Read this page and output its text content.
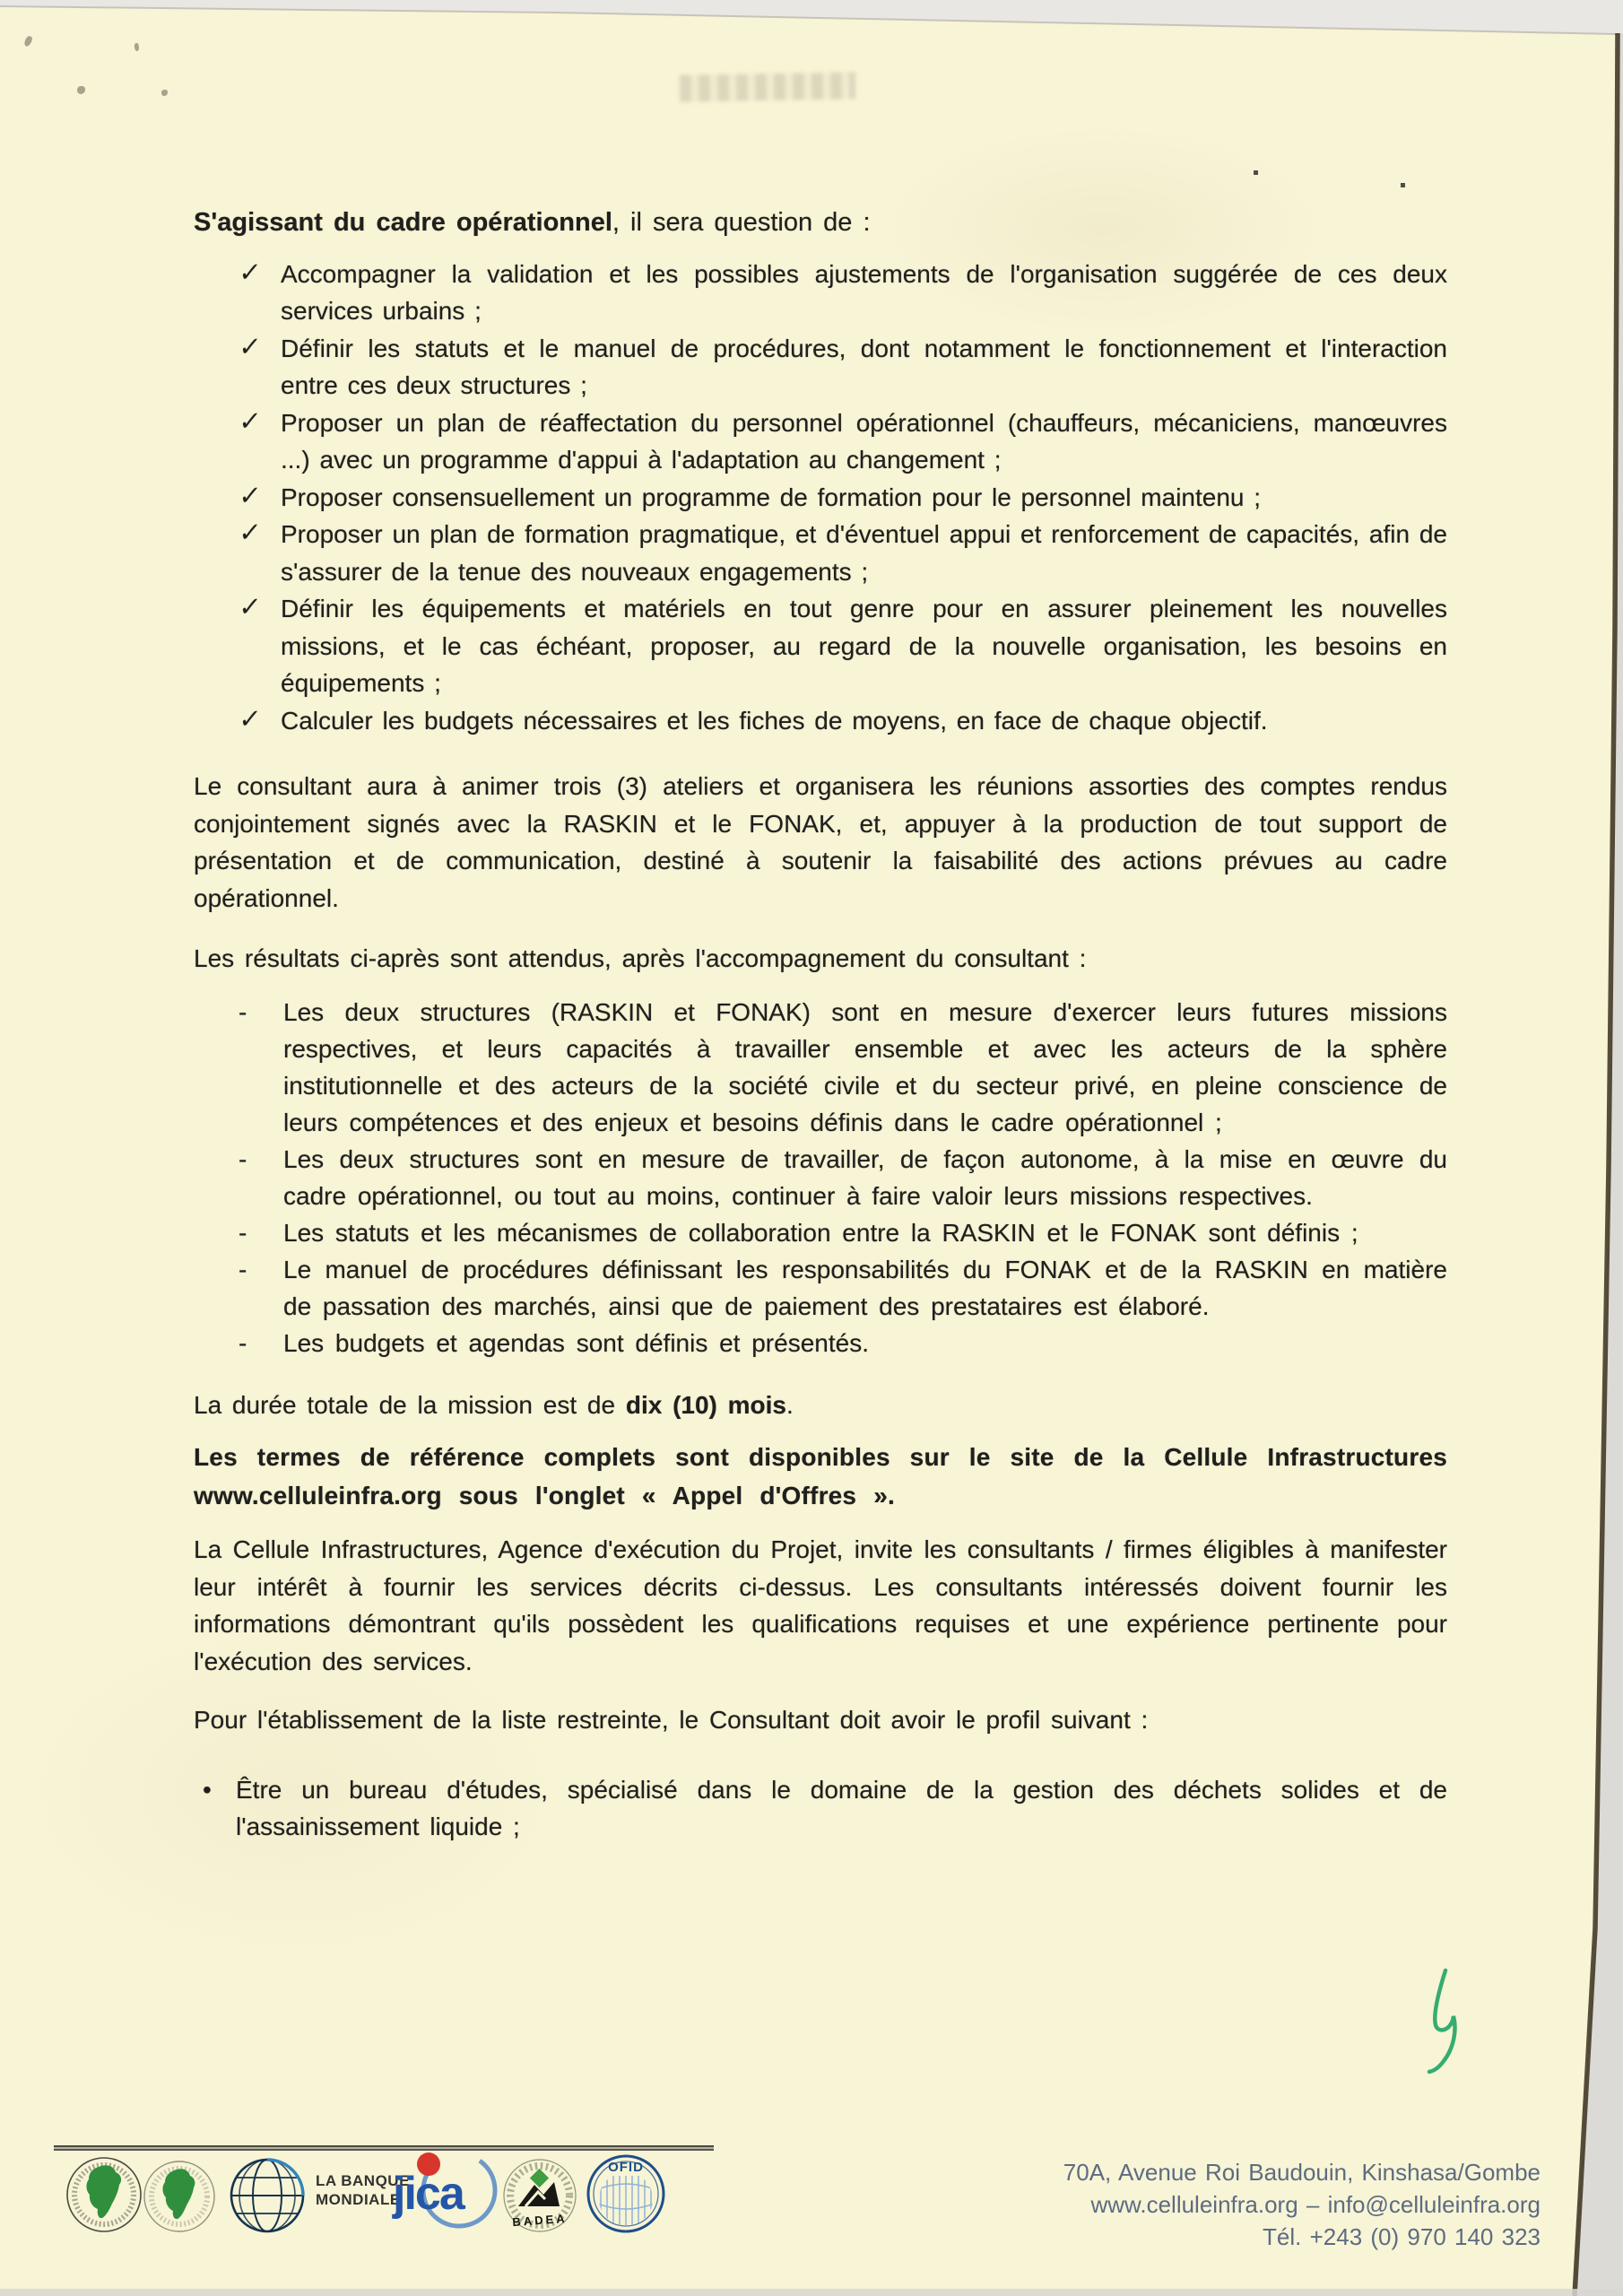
S'agissant du cadre opérationnel, il sera question de :

✓ Accompagner la validation et les possibles ajustements de l'organisation suggérée de ces deux services urbains ;
✓ Définir les statuts et le manuel de procédures, dont notamment le fonctionnement et l'interaction entre ces deux structures ;
✓ Proposer un plan de réaffectation du personnel opérationnel (chauffeurs, mécaniciens, manœuvres ...) avec un programme d'appui à l'adaptation au changement ;
✓ Proposer consensuellement un programme de formation pour le personnel maintenu ;
✓ Proposer un plan de formation pragmatique, et d'éventuel appui et renforcement de capacités, afin de s'assurer de la tenue des nouveaux engagements ;
✓ Définir les équipements et matériels en tout genre pour en assurer pleinement les nouvelles missions, et le cas échéant, proposer, au regard de la nouvelle organisation, les besoins en équipements ;
✓ Calculer les budgets nécessaires et les fiches de moyens, en face de chaque objectif.

Le consultant aura à animer trois (3) ateliers et organisera les réunions assorties des comptes rendus conjointement signés avec la RASKIN et le FONAK, et, appuyer à la production de tout support de présentation et de communication, destiné à soutenir la faisabilité des actions prévues au cadre opérationnel.

Les résultats ci-après sont attendus, après l'accompagnement du consultant :

- Les deux structures (RASKIN et FONAK) sont en mesure d'exercer leurs futures missions respectives, et leurs capacités à travailler ensemble et avec les acteurs de la sphère institutionnelle et des acteurs de la société civile et du secteur privé, en pleine conscience de leurs compétences et des enjeux et besoins définis dans le cadre opérationnel ;
- Les deux structures sont en mesure de travailler, de façon autonome, à la mise en œuvre du cadre opérationnel, ou tout au moins, continuer à faire valoir leurs missions respectives.
- Les statuts et les mécanismes de collaboration entre la RASKIN et le FONAK sont définis ;
- Le manuel de procédures définissant les responsabilités du FONAK et de la RASKIN en matière de passation des marchés, ainsi que de paiement des prestataires est élaboré.
- Les budgets et agendas sont définis et présentés.

La durée totale de la mission est de dix (10) mois.

Les termes de référence complets sont disponibles sur le site de la Cellule Infrastructures www.celluleinfra.org sous l'onglet « Appel d'Offres ».

La Cellule Infrastructures, Agence d'exécution du Projet, invite les consultants / firmes éligibles à manifester leur intérêt à fournir les services décrits ci-dessus. Les consultants intéressés doivent fournir les informations démontrant qu'ils possèdent les qualifications requises et une expérience pertinente pour l'exécution des services.

Pour l'établissement de la liste restreinte, le Consultant doit avoir le profil suivant :

• Être un bureau d'études, spécialisé dans le domaine de la gestion des déchets solides et de l'assainissement liquide ;
LA BANQUE
MONDIALE
jica
BADEA
OFID	70A, Avenue Roi Baudouin, Kinshasa/Gombe
www.celluleinfra.org – info@celluleinfra.org
Tél. +243 (0) 970 140 323
